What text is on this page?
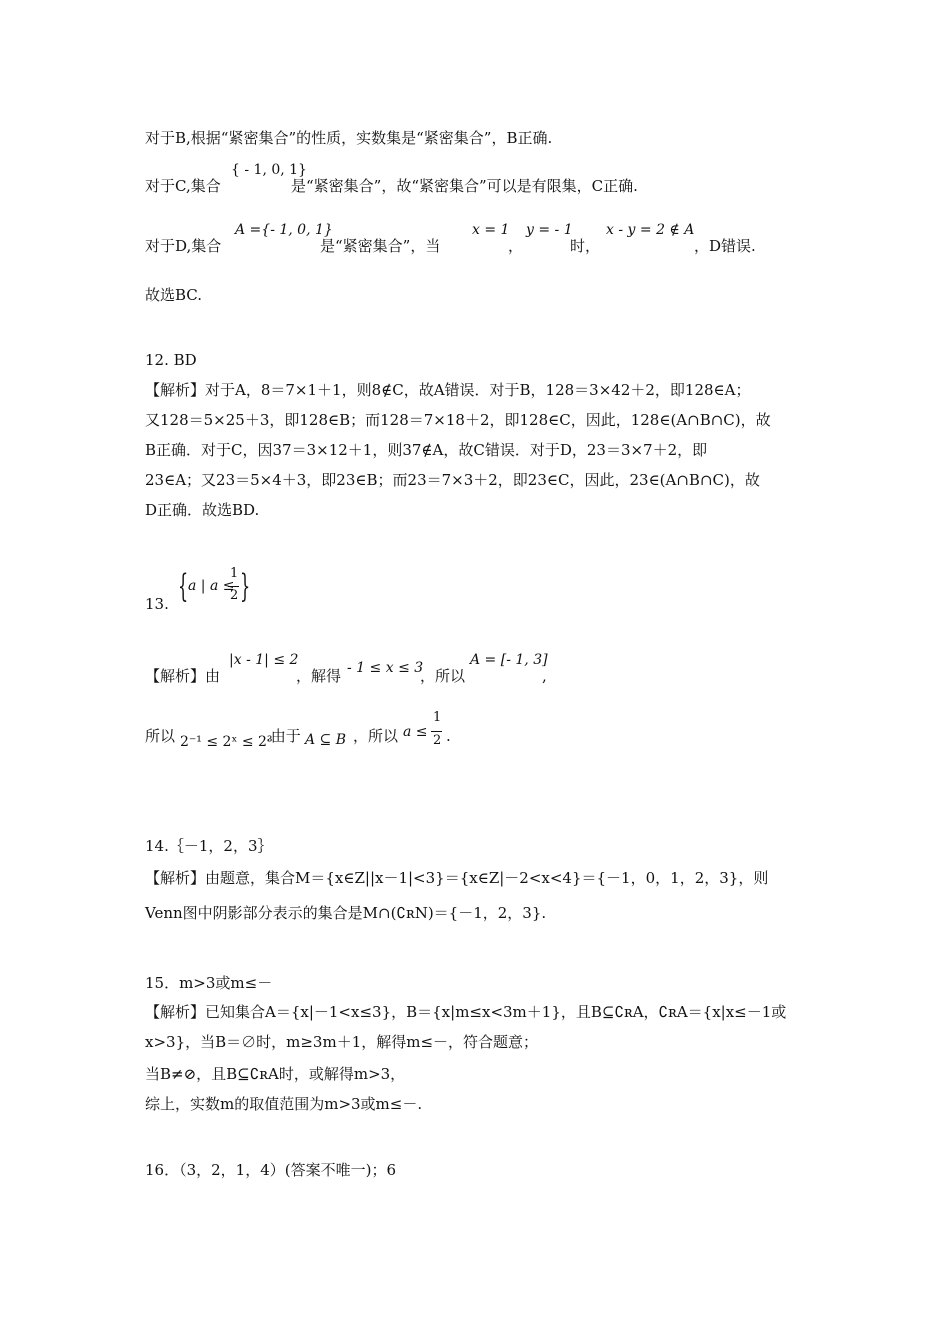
对于B,根据“紧密集合”的性质，实数集是“紧密集合”，B正确.
对于C,集合
{ - 1, 0, 1}
是“紧密集合”，故“紧密集合”可以是有限集，C正确.
对于D,集合
A ={- 1, 0, 1}
是“紧密集合”，当
x = 1
，
y = - 1
时，
x - y = 2 ∉ A
，D错误.
故选BC.
12. BD
【解析】对于A，8＝7×1＋1，则8∉C，故A错误．对于B，128＝3×42＋2，即128∈A；
又128＝5×25＋3，即128∈B；而128＝7×18＋2，即128∈C，因此，128∈(A∩B∩C)，故
B正确．对于C，因37＝3×12＋1，则37∉A，故C错误．对于D，23＝3×7＋2，即
23∈A；又23＝5×4＋3，即23∈B；而23＝7×3＋2，即23∈C，因此，23∈(A∩B∩C)，故
D正确．故选BD.
13. { a | a ≤
1
2 }
【解析】由
|x - 1| ≤ 2
，解得 - 1 ≤ x ≤ 3
，所以
A = [- 1, 3]
,
所以 2⁻¹ ≤ 2ˣ ≤ 2³
.由于 A ⊆ B ，所以 a ≤
1
2 .
14.｛－1，2，3｝
【解析】由题意，集合M＝{x∈Z||x－1|<3}＝{x∈Z|－2<x<4}＝{－1，0，1，2，3}，则
Venn图中阴影部分表示的集合是M∩(∁ʀN)＝{－1，2，3}.
15．m>3或m≤－
【解析】已知集合A＝{x|－1<x≤3}，B＝{x|m≤x<3m＋1}，且B⊆∁ʀA，∁ʀA＝{x|x≤－1或
x>3}，当B＝∅时，m≥3m＋1，解得m≤－，符合题意；
当B≠⊘，且B⊆∁ʀA时，或解得m>3，
综上，实数m的取值范围为m>3或m≤－.
16．（3，2，1，4）(答案不唯一)；6
